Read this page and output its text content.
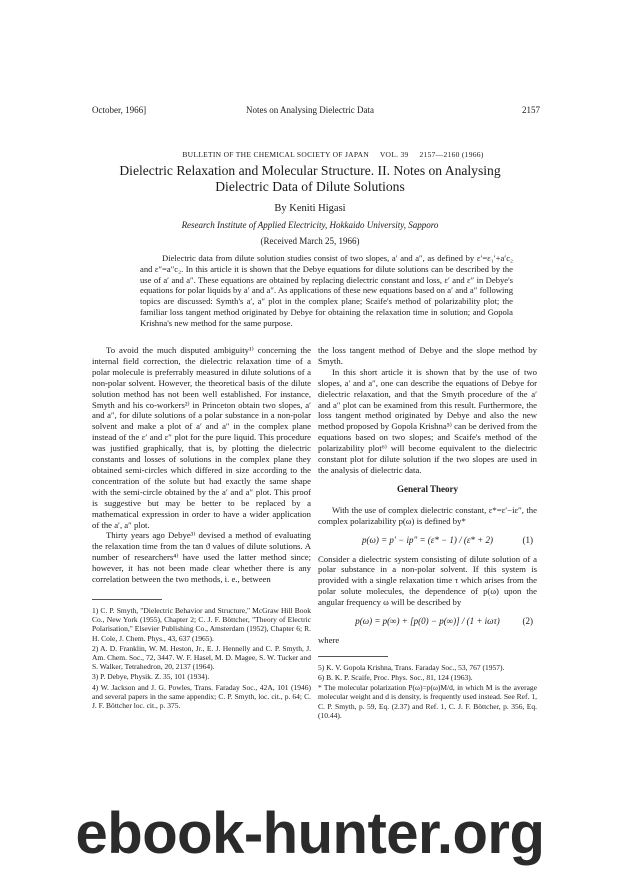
October, 1966]	Notes on Analysing Dielectric Data	2157
BULLETIN OF THE CHEMICAL SOCIETY OF JAPAN     VOL. 39     2157—2160 (1966)
Dielectric Relaxation and Molecular Structure. II. Notes on Analysing
Dielectric Data of Dilute Solutions
By Keniti Higasi
Research Institute of Applied Electricity, Hokkaido University, Sapporo
(Received March 25, 1966)
Dielectric data from dilute solution studies consist of two slopes, a′ and a″, as defined by ε′=ε₁′+a′c₂ and ε″=a″c₂. In this article it is shown that the Debye equations for dilute solutions can be described by the use of a′ and a″. These equations are obtained by replacing dielectric constant and loss, ε′ and ε″ in Debye's equations for polar liquids by a′ and a″. As applications of these new equations based on a′ and a″ following topics are discussed: Symth's a′, a″ plot in the complex plane; Scaife's method of polarizability plot; the familiar loss tangent method originated by Debye for obtaining the relaxation time in solution; and Gopola Krishna's new method for the same purpose.

To avoid the much disputed ambiguity¹⁾ concerning the internal field correction, the dielectric relaxation time of a polar molecule is preferrably measured in dilute solutions of a non-polar solvent. However, the theoretical basis of the dilute solution method has not been well established. For instance, Smyth and his co-workers²⁾ in Princeton obtain two slopes, a′ and a″, for dilute solutions of a polar substance in a non-polar solvent and make a plot of a′ and a″ in the complex plane instead of the ε′ and ε″ plot for the pure liquid. This procedure was justified graphically, that is, by plotting the dielectric constants and losses of solutions in the complex plane they obtained semi-circles which differed in size according to the concentration of the solute but had exactly the same shape with the semi-circle obtained by the a′ and a″ plot. This proof is suggestive but may be better to be replaced by a mathematical expression in order to have a wider application of the a′, a″ plot.

Thirty years ago Debye³⁾ devised a method of evaluating the relaxation time from the tan ϑ values of dilute solutions. A number of researchers⁴⁾ have used the latter method since; however, it has not been made clear whether there is any correlation between the two methods, i. e., between

1) C. P. Smyth, "Dielectric Behavior and Structure," McGraw Hill Book Co., New York (1955), Chapter 2; C. J. F. Böttcher, "Theory of Electric Polarisation," Elsevier Publishing Co., Amsterdam (1952), Chapter 6; R. H. Cole, J. Chem. Phys., 43, 637 (1965).
2) A. D. Franklin, W. M. Heston, Jr., E. J. Hennelly and C. P. Smyth, J. Am. Chem. Soc., 72, 3447. W. F. Hasel, M. D. Magee, S. W. Tucker and S. Walker, Tetrahedron, 20, 2137 (1964).
3) P. Debye, Physik. Z. 35, 101 (1934).
4) W. Jackson and J. G. Powles, Trans. Faraday Soc., 42A, 101 (1946) and several papers in the same appendix; C. P. Smyth, loc. cit., p. 64; C. J. F. Böttcher loc. cit., p. 375.

the loss tangent method of Debye and the slope method by Smyth.

In this short article it is shown that by the use of two slopes, a′ and a″, one can describe the equations of Debye for dielectric relaxation, and that the Smyth procedure of the a′ and a″ plot can be examined from this result. Furthermore, the loss tangent method originated by Debye and also the new method proposed by Gopola Krishna⁵⁾ can be derived from the equations based on two slopes; and Scaife's method of the polarizability plot⁶⁾ will become equivalent to the dielectric constant plot for dilute solution if the two slopes are used in the analysis of dielectric data.

General Theory

With the use of complex dielectric constant, ε*=ε′−iε″, the complex polarizability p(ω) is defined by*

p(ω) = p′ − ip″ = (ε* − 1) / (ε* + 2)	(1)

Consider a dielectric system consisting of dilute solution of a polar substance in a non-polar solvent. If this system is provided with a single relaxation time τ which arises from the polar solute molecules, the dependence of p(ω) upon the angular frequency ω will be described by

p(ω) = p(∞) + [p(0) − p(∞)] / (1 + iωτ)	(2)

where

5) K. V. Gopola Krishna, Trans. Faraday Soc., 53, 767 (1957).
6) B. K. P. Scaife, Proc. Phys. Soc., 81, 124 (1963).
* The molecular polarization P(ω)=p(ω)M/d, in which M is the average molecular weight and d is density, is frequently used instead. See Ref. 1, C. P. Smyth, p. 59, Eq. (2.37) and Ref. 1, C. J. F. Böttcher, p. 356, Eq. (10.44).
ebook-hunter.org
